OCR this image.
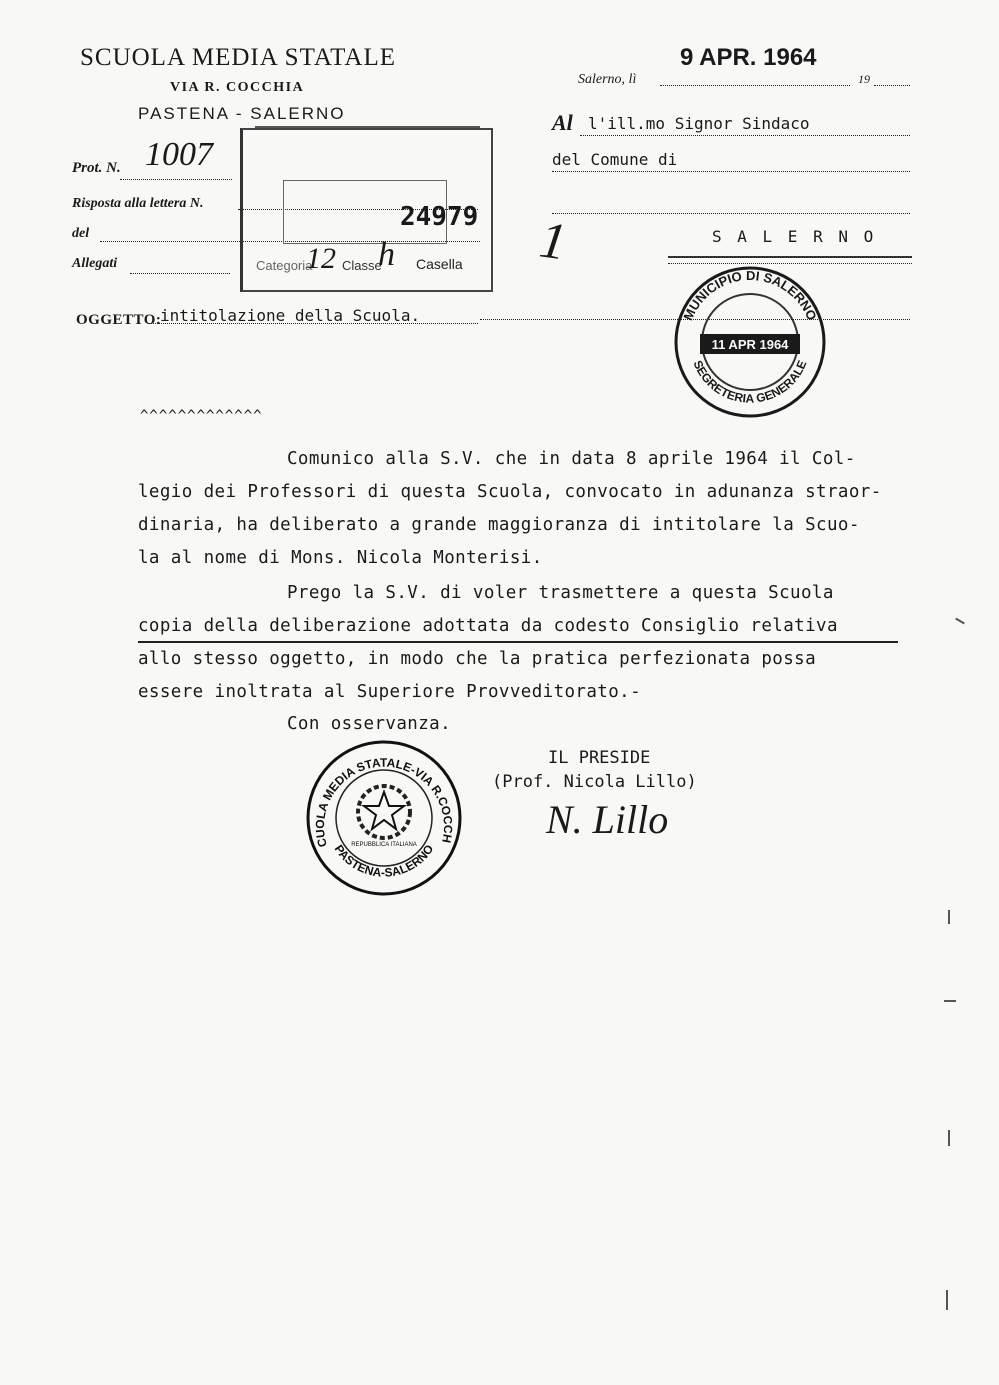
SCUOLA MEDIA STATALE
VIA R. COCCHIA
PASTENA - SALERNO
Prot. N. 1007
Risposta alla lettera N.
del
Allegati
24979
Categoria
12 Classe
h Casella 1
9 APR. 1964
Salerno, lì	19
Al l'ill.mo Signor Sindaco
del Comune di
S A L E R N O
MUNICIPIO DI SALERNO
SEGRETERIA GENERALE
11 APR 1964
OGGETTO:
intitolazione della Scuola.
^^^^^^^^^^^^^
Comunico alla S.V. che in data 8 aprile 1964 il Col-
legio dei Professori di questa Scuola, convocato in adunanza straor-
dinaria, ha deliberato a grande maggioranza di intitolare la Scuo-
la al nome di Mons. Nicola Monterisi.
Prego la S.V. di voler trasmettere a questa Scuola
copia della deliberazione adottata da codesto Consiglio relativa
allo stesso oggetto, in modo che la pratica perfezionata possa
essere inoltrata al Superiore Provveditorato.-
Con osservanza.
IL PRESIDE
(Prof. Nicola Lillo)
N. Lillo
CUOLA MEDIA STATALE-VIA R.COCCH
PASTENA-SALERNO
REPUBBLICA ITALIANA
